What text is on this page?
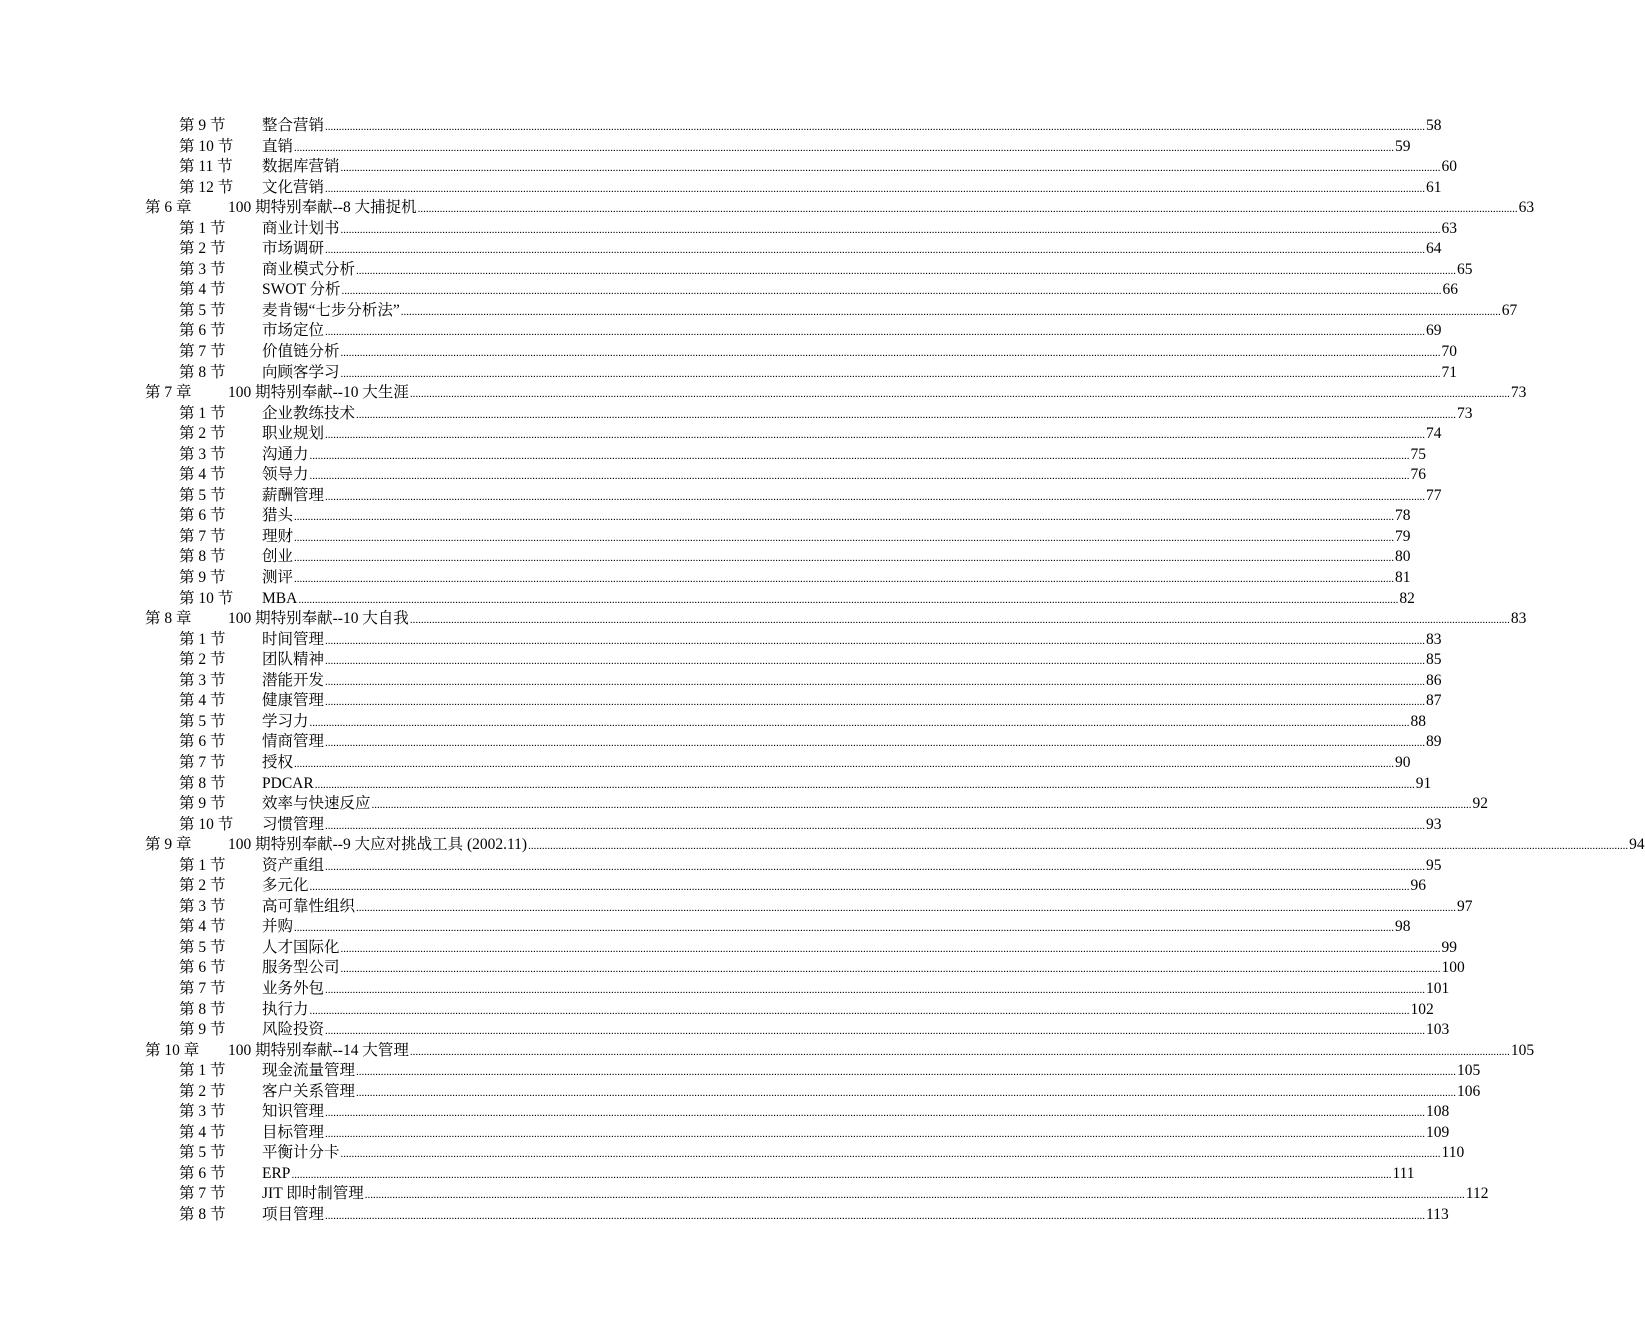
第 9 节 整合营销 ................................................................................................................................................................................................................................................................................................................................................................................................................ 58
第 10 节 直销 ................................................................................................................................................................................................................................................................................................................................................................................................................ 59
第 11 节 数据库营销 ................................................................................................................................................................................................................................................................................................................................................................................................................ 60
第 12 节 文化营销 ................................................................................................................................................................................................................................................................................................................................................................................................................ 61
第 6 章 100 期特别奉献--8 大捕捉机 ................................................................................................................................................................................................................................................................................................................................................................................................................ 63
第 1 节 商业计划书 ................................................................................................................................................................................................................................................................................................................................................................................................................ 63
第 2 节 市场调研 ................................................................................................................................................................................................................................................................................................................................................................................................................ 64
第 3 节 商业模式分析 ................................................................................................................................................................................................................................................................................................................................................................................................................ 65
第 4 节 SWOT 分析 ................................................................................................................................................................................................................................................................................................................................................................................................................ 66
第 5 节 麦肯锡“七步分析法” ................................................................................................................................................................................................................................................................................................................................................................................................................ 67
第 6 节 市场定位 ................................................................................................................................................................................................................................................................................................................................................................................................................ 69
第 7 节 价值链分析 ................................................................................................................................................................................................................................................................................................................................................................................................................ 70
第 8 节 向顾客学习 ................................................................................................................................................................................................................................................................................................................................................................................................................ 71
第 7 章 100 期特别奉献--10 大生涯 ................................................................................................................................................................................................................................................................................................................................................................................................................ 73
第 1 节 企业教练技术 ................................................................................................................................................................................................................................................................................................................................................................................................................ 73
第 2 节 职业规划 ................................................................................................................................................................................................................................................................................................................................................................................................................ 74
第 3 节 沟通力 ................................................................................................................................................................................................................................................................................................................................................................................................................ 75
第 4 节 领导力 ................................................................................................................................................................................................................................................................................................................................................................................................................ 76
第 5 节 薪酬管理 ................................................................................................................................................................................................................................................................................................................................................................................................................ 77
第 6 节 猎头 ................................................................................................................................................................................................................................................................................................................................................................................................................ 78
第 7 节 理财 ................................................................................................................................................................................................................................................................................................................................................................................................................ 79
第 8 节 创业 ................................................................................................................................................................................................................................................................................................................................................................................................................ 80
第 9 节 测评 ................................................................................................................................................................................................................................................................................................................................................................................................................ 81
第 10 节 MBA ................................................................................................................................................................................................................................................................................................................................................................................................................ 82
第 8 章 100 期特别奉献--10 大自我 ................................................................................................................................................................................................................................................................................................................................................................................................................ 83
第 1 节 时间管理 ................................................................................................................................................................................................................................................................................................................................................................................................................ 83
第 2 节 团队精神 ................................................................................................................................................................................................................................................................................................................................................................................................................ 85
第 3 节 潜能开发 ................................................................................................................................................................................................................................................................................................................................................................................................................ 86
第 4 节 健康管理 ................................................................................................................................................................................................................................................................................................................................................................................................................ 87
第 5 节 学习力 ................................................................................................................................................................................................................................................................................................................................................................................................................ 88
第 6 节 情商管理 ................................................................................................................................................................................................................................................................................................................................................................................................................ 89
第 7 节 授权 ................................................................................................................................................................................................................................................................................................................................................................................................................ 90
第 8 节 PDCAR ................................................................................................................................................................................................................................................................................................................................................................................................................ 91
第 9 节 效率与快速反应 ................................................................................................................................................................................................................................................................................................................................................................................................................ 92
第 10 节 习惯管理 ................................................................................................................................................................................................................................................................................................................................................................................................................ 93
第 9 章 100 期特别奉献--9 大应对挑战工具 (2002.11) ................................................................................................................................................................................................................................................................................................................................................................................................................ 94
第 1 节 资产重组 ................................................................................................................................................................................................................................................................................................................................................................................................................ 95
第 2 节 多元化 ................................................................................................................................................................................................................................................................................................................................................................................................................ 96
第 3 节 高可靠性组织 ................................................................................................................................................................................................................................................................................................................................................................................................................ 97
第 4 节 并购 ................................................................................................................................................................................................................................................................................................................................................................................................................ 98
第 5 节 人才国际化 ................................................................................................................................................................................................................................................................................................................................................................................................................ 99
第 6 节 服务型公司 ................................................................................................................................................................................................................................................................................................................................................................................................................ 100
第 7 节 业务外包 ................................................................................................................................................................................................................................................................................................................................................................................................................ 101
第 8 节 执行力 ................................................................................................................................................................................................................................................................................................................................................................................................................ 102
第 9 节 风险投资 ................................................................................................................................................................................................................................................................................................................................................................................................................ 103
第 10 章 100 期特别奉献--14 大管理 ................................................................................................................................................................................................................................................................................................................................................................................................................ 105
第 1 节 现金流量管理 ................................................................................................................................................................................................................................................................................................................................................................................................................ 105
第 2 节 客户关系管理 ................................................................................................................................................................................................................................................................................................................................................................................................................ 106
第 3 节 知识管理 ................................................................................................................................................................................................................................................................................................................................................................................................................ 108
第 4 节 目标管理 ................................................................................................................................................................................................................................................................................................................................................................................................................ 109
第 5 节 平衡计分卡 ................................................................................................................................................................................................................................................................................................................................................................................................................ 110
第 6 节 ERP ................................................................................................................................................................................................................................................................................................................................................................................................................ 111
第 7 节 JIT 即时制管理 ................................................................................................................................................................................................................................................................................................................................................................................................................ 112
第 8 节 项目管理 ................................................................................................................................................................................................................................................................................................................................................................................................................ 113
